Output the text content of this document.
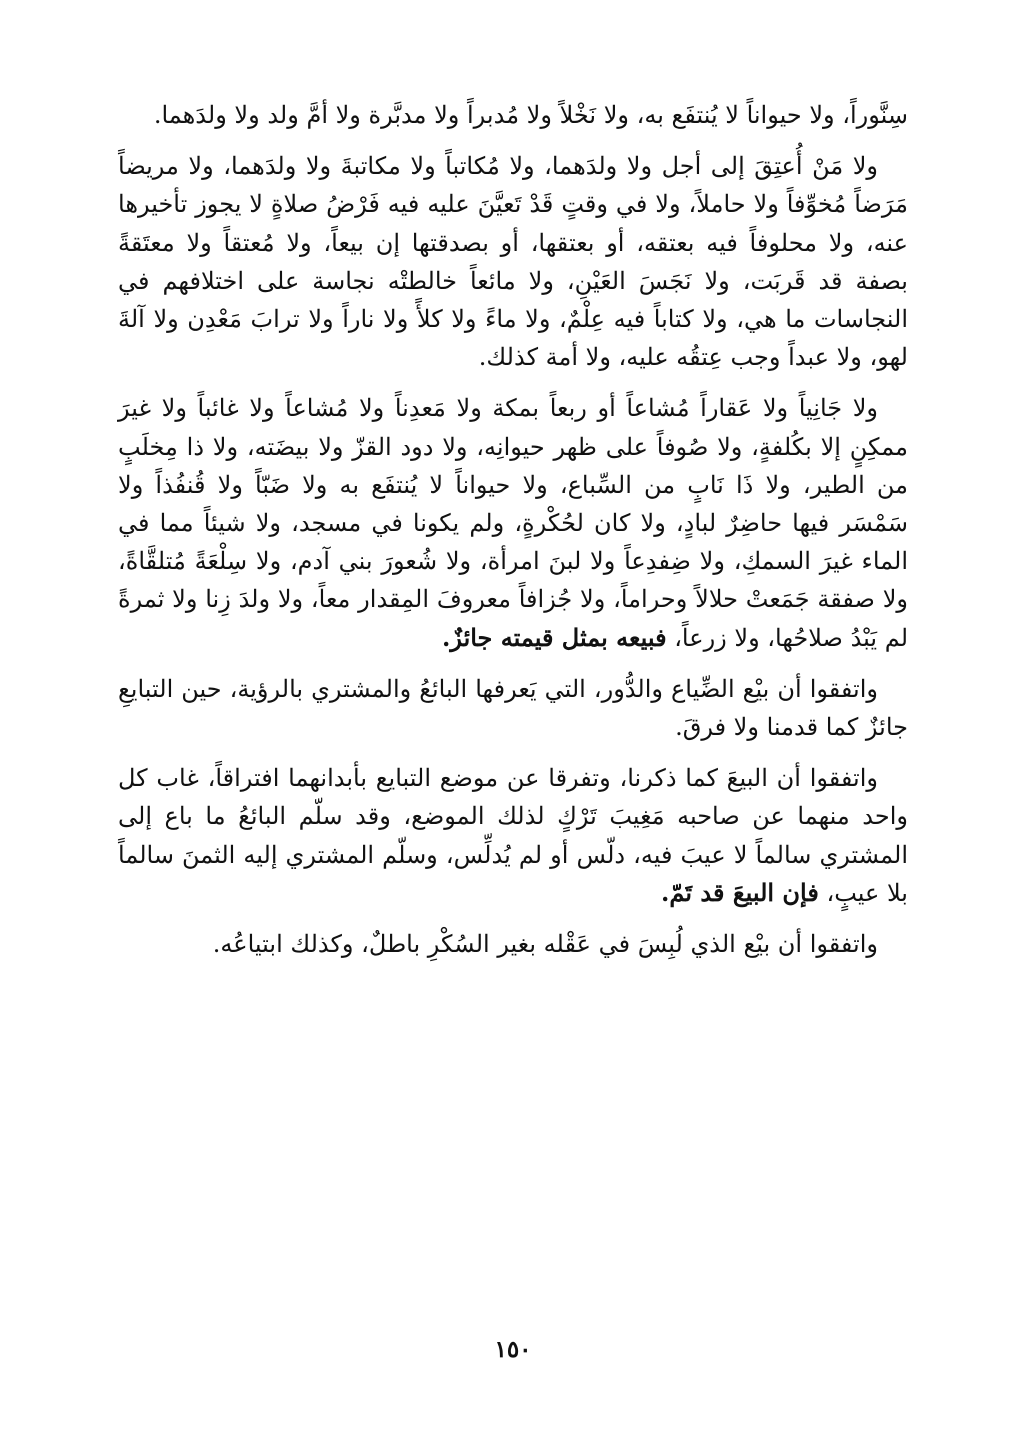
سِنَّوراً، ولا حيواناً لا يُنتفَع به، ولا نَخْلاً ولا مُدبراً ولا مدبَّرة ولا أمَّ ولد ولا ولدَهما.

ولا مَنْ أُعتِقَ إلى أجل ولا ولدَهما، ولا مُكاتباً ولا مكاتبةَ ولا ولدَهما، ولا مريضاً مَرَضاً مُخوِّفاً ولا حاملاً، ولا في وقتٍ قَدْ تَعيَّنَ عليه فيه فَرْضُ صلاةٍ لا يجوز تأخيرها عنه، ولا محلوفاً فيه بعتقه، أو بعتقها، أو بصدقتها إن بيعاً، ولا مُعتقاً ولا معتَقةً بصفة قد قَربَت، ولا نَجَسَ العَيْنِ، ولا مائعاً خالطتْه نجاسة على اختلافهم في النجاسات ما هي، ولا كتاباً فيه عِلْمٌ، ولا ماءً ولا كلأً ولا ناراً ولا ترابَ مَعْدِن ولا آلةَ لهو، ولا عبداً وجب عِتقُه عليه، ولا أمة كذلك.

ولا جَانِياً ولا عَقاراً مُشاعاً أو ربعاً بمكة ولا مَعدِناً ولا مُشاعاً ولا غائباً ولا غيرَ ممكِنٍ إلا بكُلفةٍ، ولا صُوفاً على ظهر حيوانِه، ولا دود القزّ ولا بيضَته، ولا ذا مِخلَبٍ من الطير، ولا ذَا نَابٍ من السِّباع، ولا حيواناً لا يُنتفَع به ولا ضَبّاً ولا قُنفُذاً ولا سَمْسَر فيها حاضِرٌ لبادٍ، ولا كان لحُكْرةٍ، ولم يكونا في مسجد، ولا شيئاً مما في الماء غيرَ السمكِ، ولا ضِفدِعاً ولا لبنَ امرأة، ولا شُعورَ بني آدم، ولا سِلْعَةً مُتلقَّاةً، ولا صفقة جَمَعتْ حلالاً وحراماً، ولا جُزافاً معروفَ المِقدار معاً، ولا ولدَ زِنا ولا ثمرةً لم يَبْدُ صلاحُها، ولا زرعاً، فبيعه بمثل قيمته جائزٌ.

واتفقوا أن بيْع الضِّياع والدُّور، التي يَعرفها البائعُ والمشتري بالرؤية، حين التبايعِ جائزٌ كما قدمنا ولا فرقَ.

واتفقوا أن البيعَ كما ذكرنا، وتفرقا عن موضع التبايع بأبدانهما افتراقاً، غاب كل واحد منهما عن صاحبه مَغِيبَ تَرْكٍ لذلك الموضع، وقد سلّم البائعُ ما باع إلى المشتري سالماً لا عيبَ فيه، دلّس أو لم يُدلِّس، وسلّم المشتري إليه الثمنَ سالماً بلا عيبٍ، فإن البيعَ قد تَمّ.

واتفقوا أن بيْع الذي لُبِسَ في عَقْله بغير السُكْرِ باطلٌ، وكذلك ابتياعُه.

١٥٠
